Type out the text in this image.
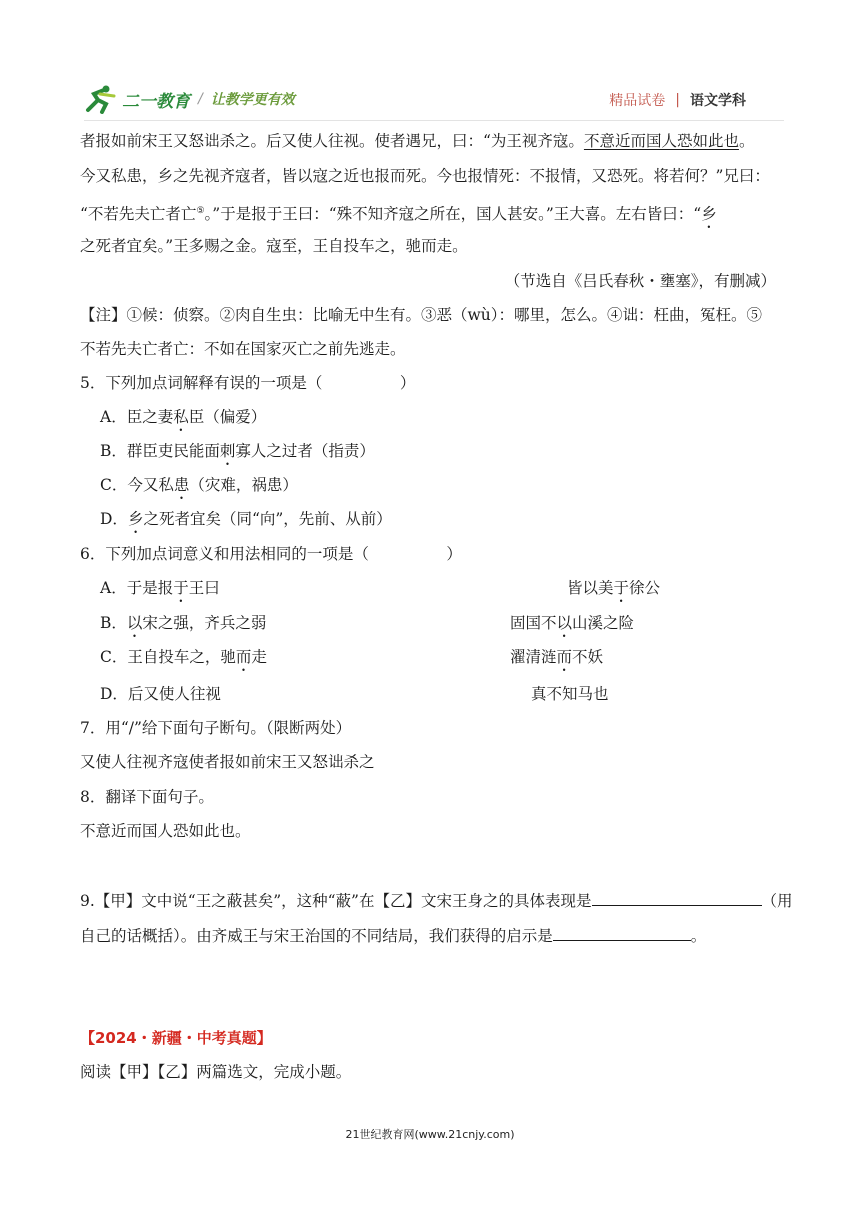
二一教育 / 让教学更有效	精品试卷 | 语文学科
者报如前宋王又怒诎杀之。后又使人往视。使者遇兄，曰：“为王视齐寇。不意近而国人恐如此也。
今又私患，乡之先视齐寇者，皆以寇之近也报而死。今也报情死：不报情，又恐死。将若何？”兄曰：
“不若先夫亡者亡⑤。”于是报于王曰：“殊不知齐寇之所在，国人甚安。”王大喜。左右皆曰：“乡
之死者宜矣。”王多赐之金。寇至，王自投车之，驰而走。
（节选自《吕氏春秋・壅塞》，有删减）
【注】①候：侦察。②肉自生虫：比喻无中生有。③恶（wù）：哪里，怎么。④诎：枉曲，冤枉。⑤
不若先夫亡者亡：不如在国家灭亡之前先逃走。
5．下列加点词解释有误的一项是（　　　　　）
A．臣之妻私臣（偏爱）
B．群臣吏民能面刺寡人之过者（指责）
C．今又私患（灾难，祸患）
D．乡之死者宜矣（同“向”，先前、从前）
6．下列加点词意义和用法相同的一项是（　　　　　）
A．于是报于王曰	皆以美于徐公
B．以宋之强，齐兵之弱	固国不以山溪之险
C．王自投车之，驰而走	濯清涟而不妖
D．后又使人往视	真不知马也
7．用“/”给下面句子断句。（限断两处）
又使人往视齐寇使者报如前宋王又怒诎杀之
8．翻译下面句子。
不意近而国人恐如此也。
9.【甲】文中说“王之蔽甚矣”，这种“蔽”在【乙】文宋王身之的具体表现是	（用
自己的话概括）。由齐威王与宋王治国的不同结局，我们获得的启示是	。
【2024・新疆・中考真题】
阅读【甲】【乙】两篇选文，完成小题。
21世纪教育网(www.21cnjy.com)
